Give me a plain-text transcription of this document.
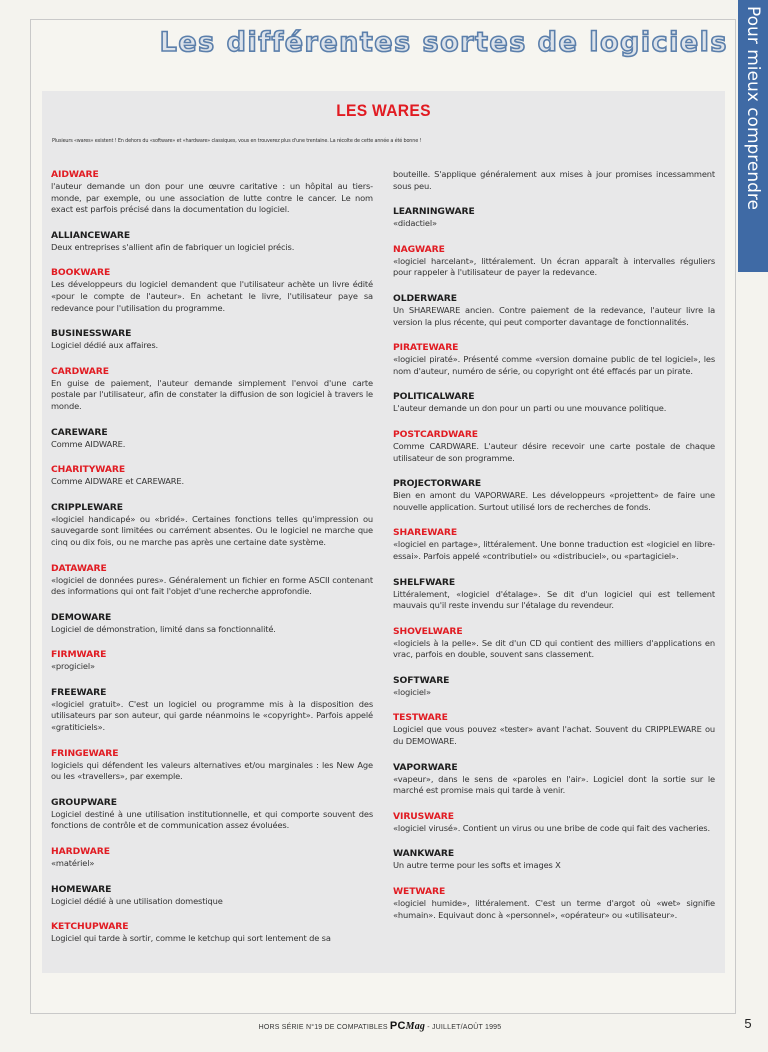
Les différentes sortes de logiciels Pour mieux comprendre
LES WARES
Plusieurs «wares» existent ! En dehors du «software» et «hardware» classiques, vous en trouverez plus d'une trentaine. La récolte de cette année a été bonne !
AIDWARE
l'auteur demande un don pour une œuvre caritative : un hôpital au tiers-monde, par exemple, ou une association de lutte contre le cancer. Le nom exact est parfois précisé dans la documentation du logiciel.
ALLIANCEWARE
Deux entreprises s'allient afin de fabriquer un logiciel précis.
BOOKWARE
Les développeurs du logiciel demandent que l'utilisateur achète un livre édité «pour le compte de l'auteur». En achetant le livre, l'utilisateur paye sa redevance pour l'utilisation du programme.
BUSINESSWARE
Logiciel dédié aux affaires.
CARDWARE
En guise de paiement, l'auteur demande simplement l'envoi d'une carte postale par l'utilisateur, afin de constater la diffusion de son logiciel à travers le monde.
CAREWARE
Comme AIDWARE.
CHARITYWARE
Comme AIDWARE et CAREWARE.
CRIPPLEWARE
«logiciel handicapé» ou «bridé». Certaines fonctions telles qu'impression ou sauvegarde sont limitées ou carrément absentes. Ou le logiciel ne marche que cinq ou dix fois, ou ne marche pas après une certaine date système.
DATAWARE
«logiciel de données pures». Généralement un fichier en forme ASCII contenant des informations qui ont fait l'objet d'une recherche approfondie.
DEMOWARE
Logiciel de démonstration, limité dans sa fonctionnalité.
FIRMWARE
«progiciel»
FREEWARE
«logiciel gratuit». C'est un logiciel ou programme mis à la disposition des utilisateurs par son auteur, qui garde néanmoins le «copyright». Parfois appelé «gratiticiels».
FRINGEWARE
logiciels qui défendent les valeurs alternatives et/ou marginales : les New Age ou les «travellers», par exemple.
GROUPWARE
Logiciel destiné à une utilisation institutionnelle, et qui comporte souvent des fonctions de contrôle et de communication assez évoluées.
HARDWARE
«matériel»
HOMEWARE
Logiciel dédié à une utilisation domestique
KETCHUPWARE
Logiciel qui tarde à sortir, comme le ketchup qui sort lentement de sa
bouteille. S'applique généralement aux mises à jour promises incessamment sous peu.
LEARNINGWARE
«didactiel»
NAGWARE
«logiciel harcelant», littéralement. Un écran apparaît à intervalles réguliers pour rappeler à l'utilisateur de payer la redevance.
OLDERWARE
Un SHAREWARE ancien. Contre paiement de la redevance, l'auteur livre la version la plus récente, qui peut comporter davantage de fonctionnalités.
PIRATEWARE
«logiciel piraté». Présenté comme «version domaine public de tel logiciel», les nom d'auteur, numéro de série, ou copyright ont été effacés par un pirate.
POLITICALWARE
L'auteur demande un don pour un parti ou une mouvance politique.
POSTCARDWARE
Comme CARDWARE. L'auteur désire recevoir une carte postale de chaque utilisateur de son programme.
PROJECTORWARE
Bien en amont du VAPORWARE. Les développeurs «projettent» de faire une nouvelle application. Surtout utilisé lors de recherches de fonds.
SHAREWARE
«logiciel en partage», littéralement. Une bonne traduction est «logiciel en libre-essai». Parfois appelé «contributiel» ou «distribuciel», ou «partagiciel».
SHELFWARE
Littéralement, «logiciel d'étalage». Se dit d'un logiciel qui est tellement mauvais qu'il reste invendu sur l'étalage du revendeur.
SHOVELWARE
«logiciels à la pelle». Se dit d'un CD qui contient des milliers d'applications en vrac, parfois en double, souvent sans classement.
SOFTWARE
«logiciel»
TESTWARE
Logiciel que vous pouvez «tester» avant l'achat. Souvent du CRIPPLEWARE ou du DEMOWARE.
VAPORWARE
«vapeur», dans le sens de «paroles en l'air». Logiciel dont la sortie sur le marché est promise mais qui tarde à venir.
VIRUSWARE
«logiciel virusé». Contient un virus ou une bribe de code qui fait des vacheries.
WANKWARE
Un autre terme pour les softs et images X
WETWARE
«logiciel humide», littéralement. C'est un terme d'argot où «wet» signifie «humain». Equivaut donc à «personnel», «opérateur» ou «utilisateur».
HORS SÉRIE N°19 DE COMPATIBLES PCMag - JUILLET/AOÛT 1995	5
